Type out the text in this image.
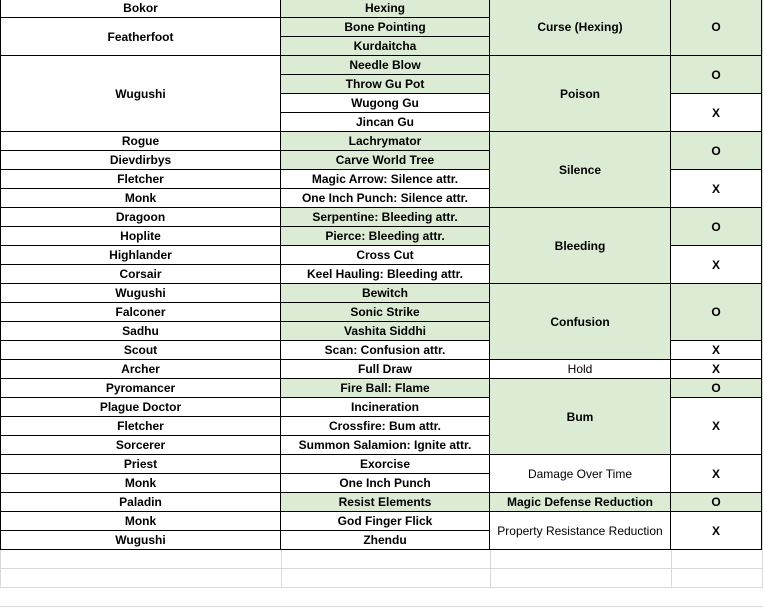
Bokor
Featherfoot
Wugushi
Rogue
Dievdirbys
Fletcher
Monk
Dragoon
Hoplite
Highlander
Corsair
Wugushi
Falconer
Sadhu
Scout
Archer
Pyromancer
Plague Doctor
Fletcher
Sorcerer
Priest
Monk
Paladin
Monk
Wugushi
Hexing
Bone Pointing
Kurdaitcha
Needle Blow
Throw Gu Pot
Wugong Gu
Jincan Gu
Lachrymator
Carve World Tree
Magic Arrow: Silence attr.
One Inch Punch: Silence attr.
Serpentine: Bleeding attr.
Pierce: Bleeding attr.
Cross Cut
Keel Hauling: Bleeding attr.
Bewitch
Sonic Strike
Vashita Siddhi
Scan: Confusion attr.
Full Draw
Fire Ball: Flame
Incineration
Crossfire: Bum attr.
Summon Salamion: Ignite attr.
Exorcise
One Inch Punch
Resist Elements
God Finger Flick
Zhendu
Curse (Hexing)
Poison
Silence
Bleeding
Confusion
Hold
Bum
Damage Over Time
Magic Defense Reduction
Property Resistance Reduction
O
O
X
O
X
O
X
O
X
X
O
X
X
O
X
